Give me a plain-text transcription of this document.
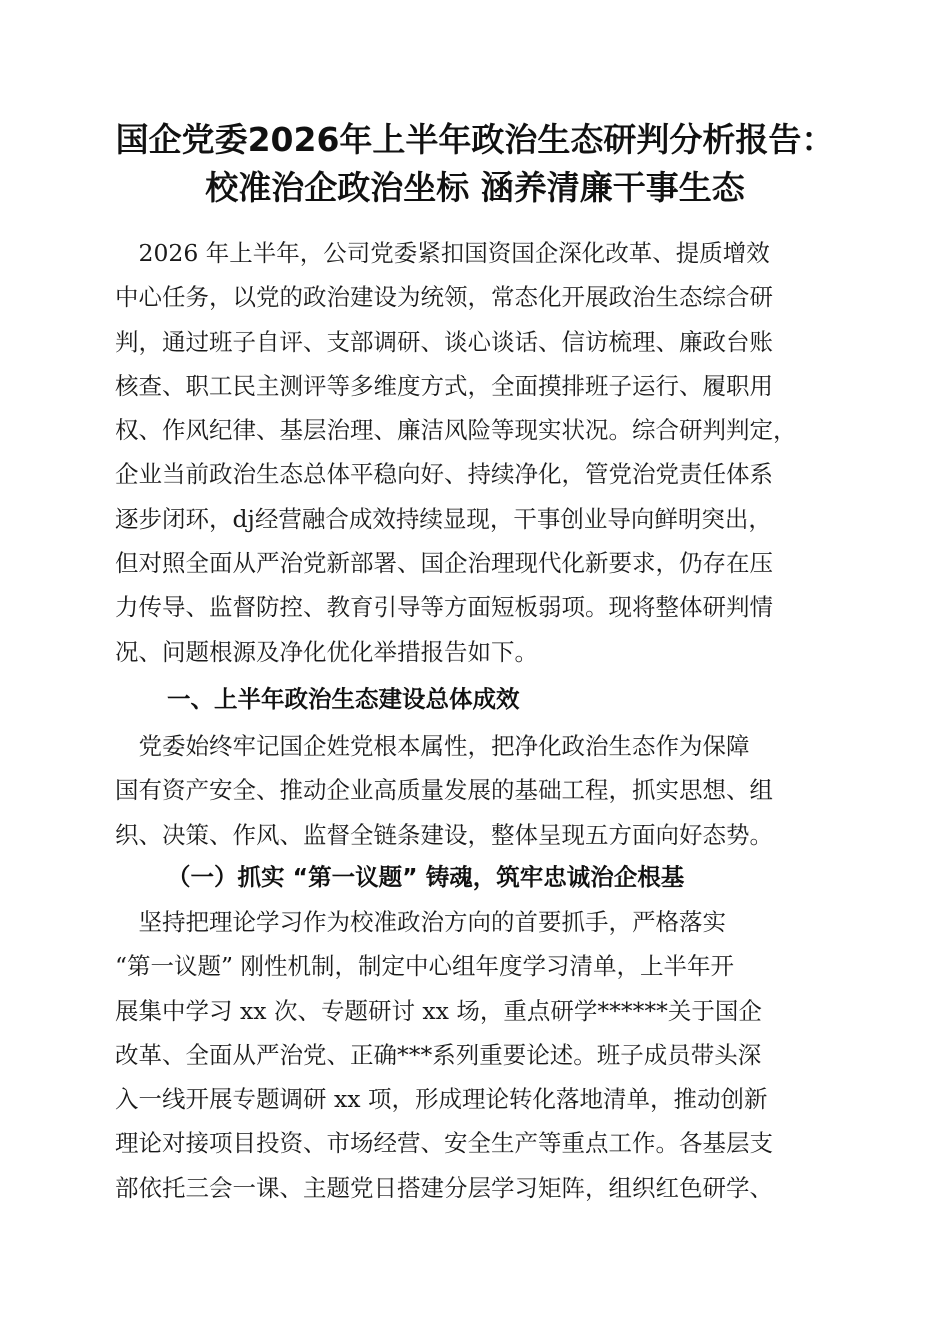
国企党委2026年上半年政治生态研判分析报告：
校准治企政治坐标 涵养清廉干事生态
　2026 年上半年，公司党委紧扣国资国企深化改革、提质增效
中心任务，以党的政治建设为统领，常态化开展政治生态综合研
判，通过班子自评、支部调研、谈心谈话、信访梳理、廉政台账
核查、职工民主测评等多维度方式，全面摸排班子运行、履职用
权、作风纪律、基层治理、廉洁风险等现实状况。综合研判判定，
企业当前政治生态总体平稳向好、持续净化，管党治党责任体系
逐步闭环，dj经营融合成效持续显现，干事创业导向鲜明突出，
但对照全面从严治党新部署、国企治理现代化新要求，仍存在压
力传导、监督防控、教育引导等方面短板弱项。现将整体研判情
况、问题根源及净化优化举措报告如下。
一、上半年政治生态建设总体成效
　党委始终牢记国企姓党根本属性，把净化政治生态作为保障
国有资产安全、推动企业高质量发展的基础工程，抓实思想、组
织、决策、作风、监督全链条建设，整体呈现五方面向好态势。
（一）抓实 “第一议题” 铸魂，筑牢忠诚治企根基
　坚持把理论学习作为校准政治方向的首要抓手，严格落实
“第一议题” 刚性机制，制定中心组年度学习清单，上半年开
展集中学习 xx 次、专题研讨 xx 场，重点研学******关于国企
改革、全面从严治党、正确***系列重要论述。班子成员带头深
入一线开展专题调研 xx 项，形成理论转化落地清单，推动创新
理论对接项目投资、市场经营、安全生产等重点工作。各基层支
部依托三会一课、主题党日搭建分层学习矩阵，组织红色研学、
